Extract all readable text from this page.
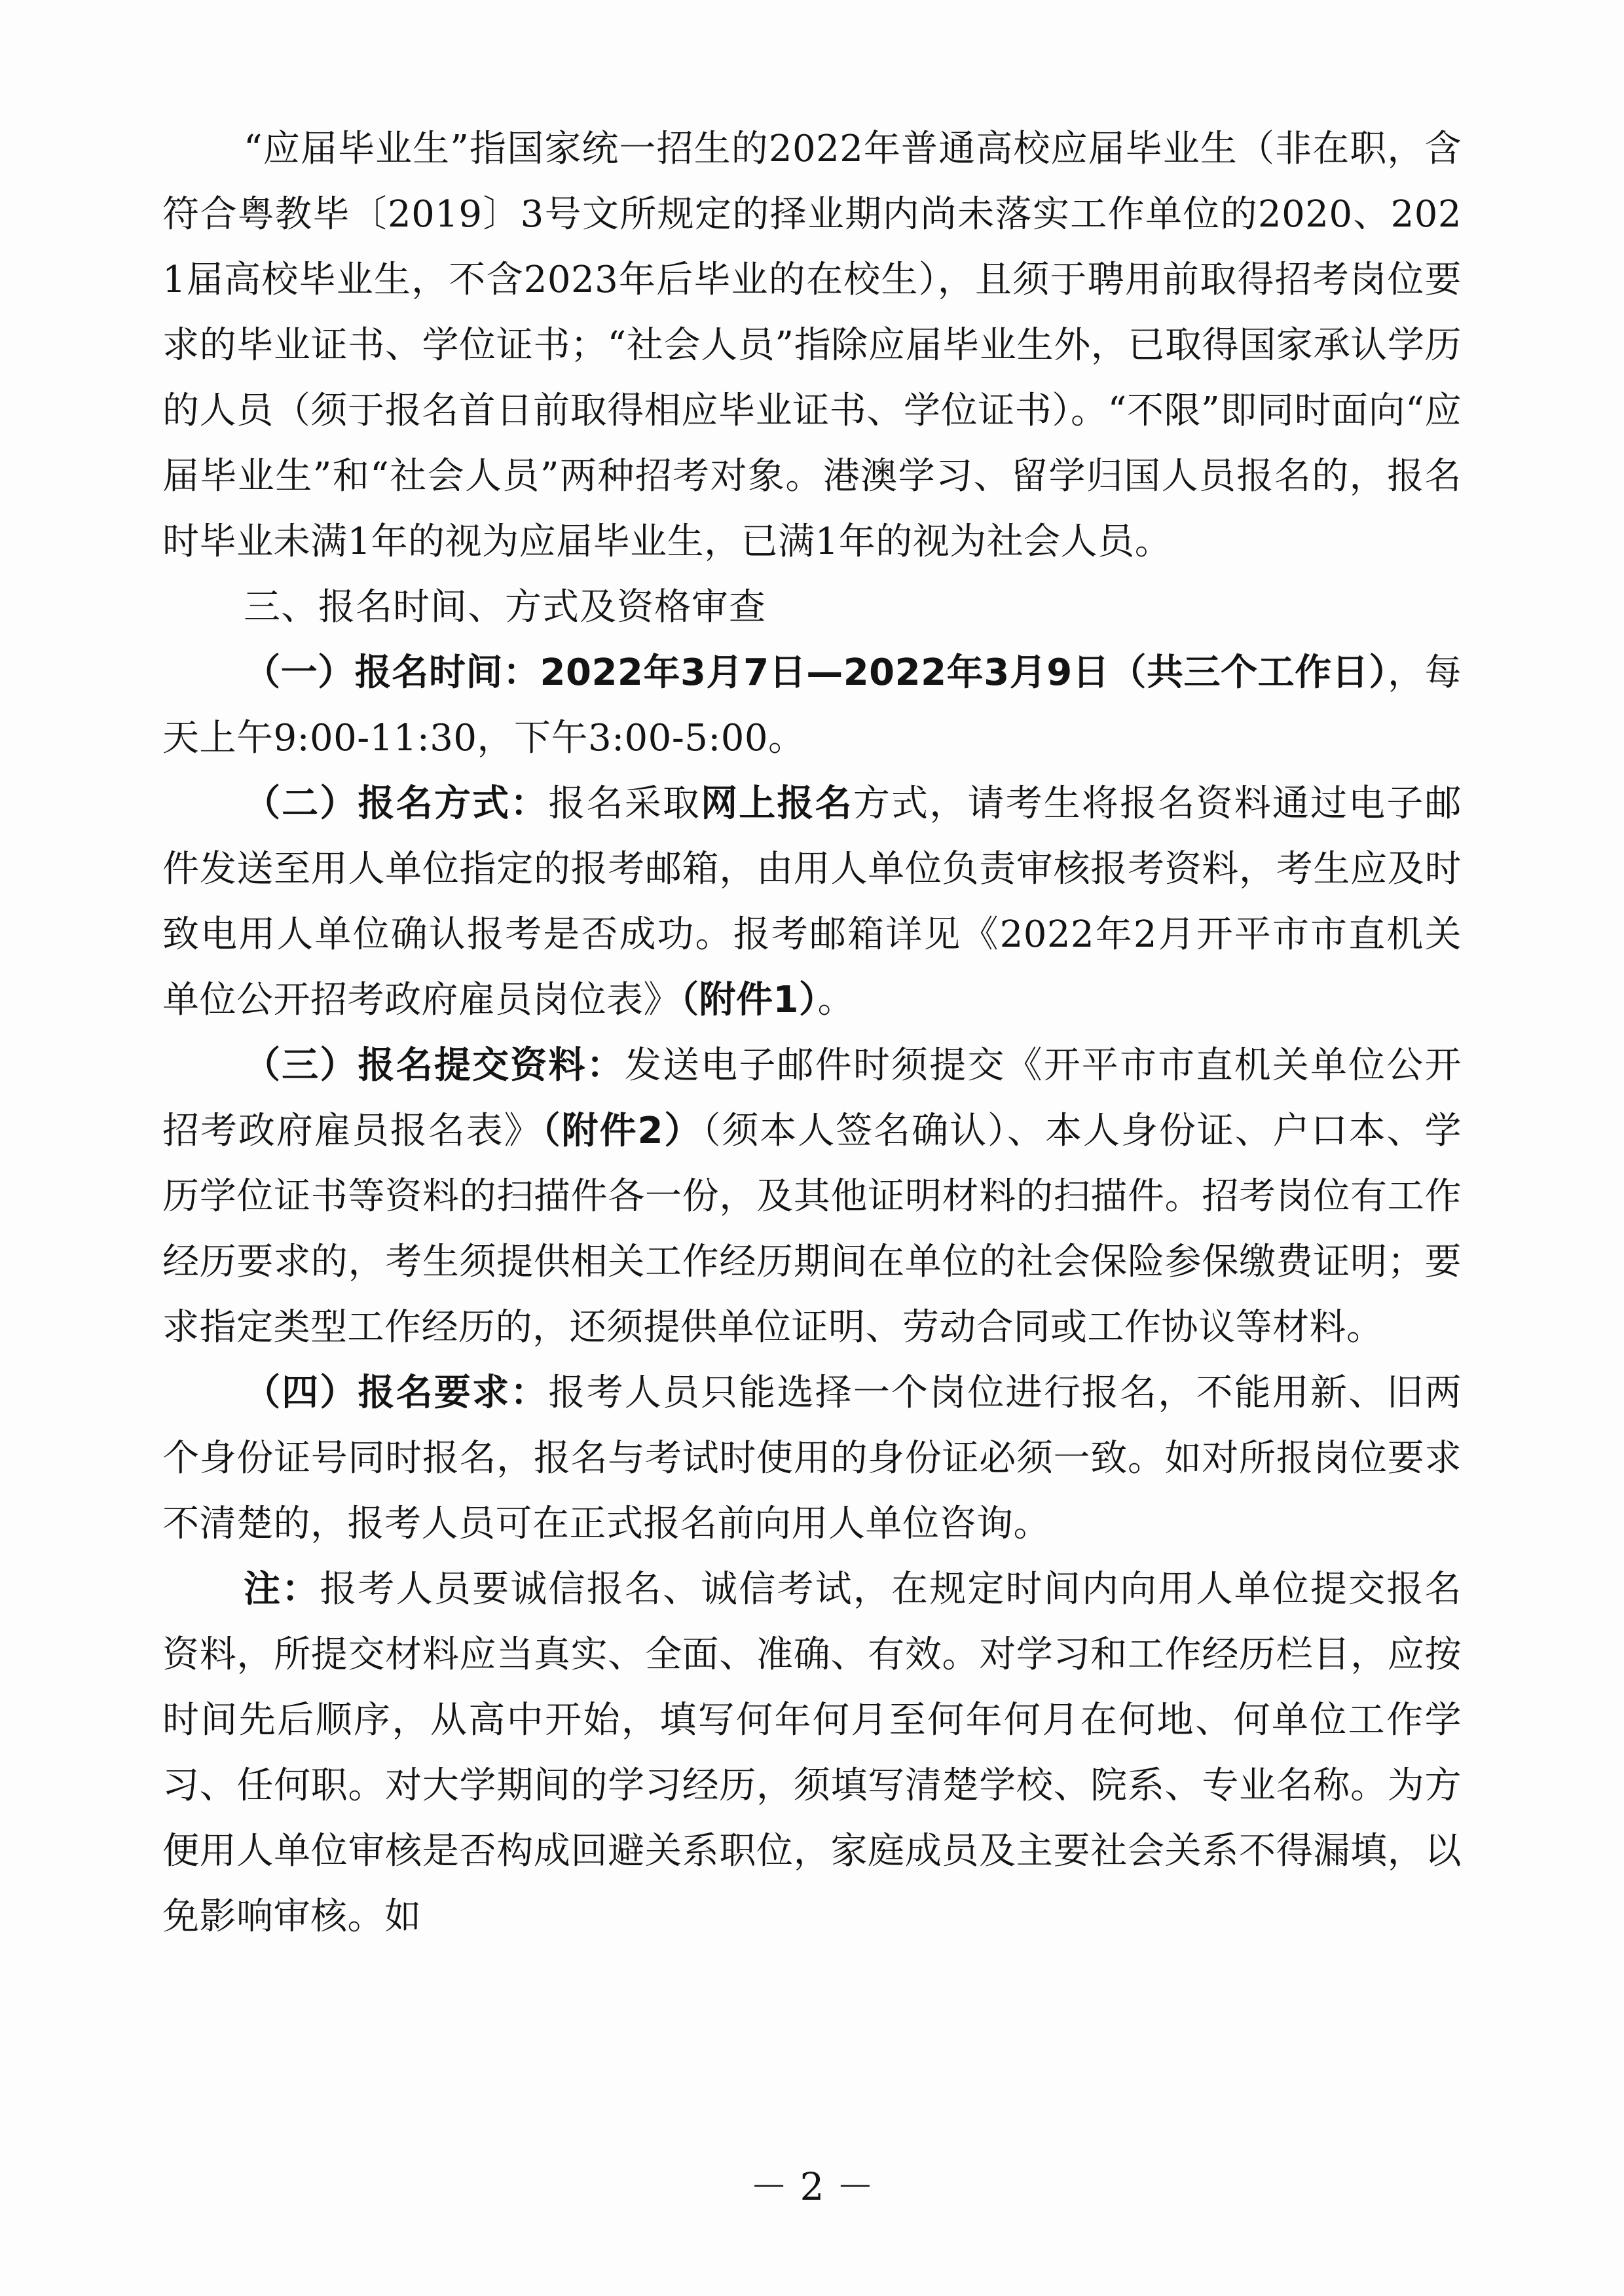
“应届毕业生”指国家统一招生的2022年普通高校应届毕业生（非在职，含符合粤教毕〔2019〕3号文所规定的择业期内尚未落实工作单位的2020、2021届高校毕业生，不含2023年后毕业的在校生），且须于聘用前取得招考岗位要求的毕业证书、学位证书；“社会人员”指除应届毕业生外，已取得国家承认学历的人员（须于报名首日前取得相应毕业证书、学位证书）。“不限”即同时面向“应届毕业生”和“社会人员”两种招考对象。港澳学习、留学归国人员报名的，报名时毕业未满1年的视为应届毕业生，已满1年的视为社会人员。

三、报名时间、方式及资格审查

（一）报名时间：2022年3月7日—2022年3月9日（共三个工作日），每天上午9:00-11:30，下午3:00-5:00。

（二）报名方式：报名采取网上报名方式，请考生将报名资料通过电子邮件发送至用人单位指定的报考邮箱，由用人单位负责审核报考资料，考生应及时致电用人单位确认报考是否成功。报考邮箱详见《2022年2月开平市市直机关单位公开招考政府雇员岗位表》（附件1）。

（三）报名提交资料：发送电子邮件时须提交《开平市市直机关单位公开招考政府雇员报名表》（附件2）（须本人签名确认）、本人身份证、户口本、学历学位证书等资料的扫描件各一份，及其他证明材料的扫描件。招考岗位有工作经历要求的，考生须提供相关工作经历期间在单位的社会保险参保缴费证明；要求指定类型工作经历的，还须提供单位证明、劳动合同或工作协议等材料。

（四）报名要求：报考人员只能选择一个岗位进行报名，不能用新、旧两个身份证号同时报名，报名与考试时使用的身份证必须一致。如对所报岗位要求不清楚的，报考人员可在正式报名前向用人单位咨询。

注：报考人员要诚信报名、诚信考试，在规定时间内向用人单位提交报名资料，所提交材料应当真实、全面、准确、有效。对学习和工作经历栏目，应按时间先后顺序，从高中开始，填写何年何月至何年何月在何地、何单位工作学习、任何职。对大学期间的学习经历，须填写清楚学校、院系、专业名称。为方便用人单位审核是否构成回避关系职位，家庭成员及主要社会关系不得漏填，以免影响审核。如

－ 2 －
